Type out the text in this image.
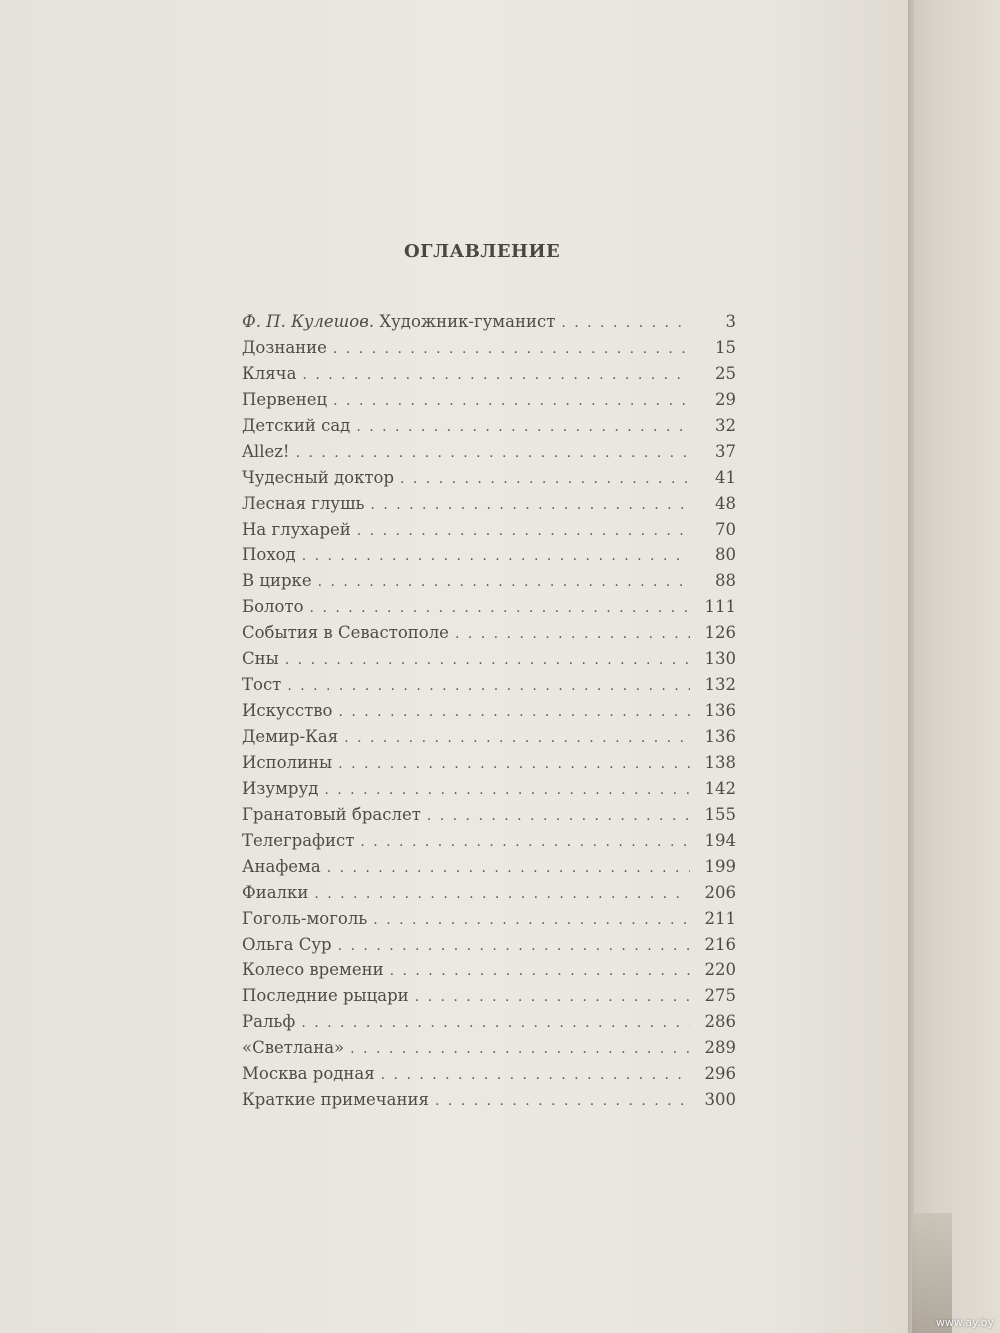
ОГЛАВЛЕНИЕ
Ф. П. Кулешов. Художник-гуманист . . .	3
Дознание . . .	15
Кляча . . .	25
Первенец . . .	29
Детский сад . . .	32
Allez! . . .	37
Чудесный доктор . . .	41
Лесная глушь . . .	48
На глухарей . . .	70
Поход . . .	80
В цирке . . .	88
Болото . . .	111
События в Севастополе . . .	126
Сны . . .	130
Тост . . .	132
Искусство . . .	136
Демир-Кая . . .	136
Исполины . . .	138
Изумруд . . .	142
Гранатовый браслет . . .	155
Телеграфист . . .	194
Анафема . . .	199
Фиалки . . .	206
Гоголь-моголь . . .	211
Ольга Сур . . .	216
Колесо времени . . .	220
Последние рыцари . . .	275
Ральф . . .	286
«Светлана» . . .	289
Москва родная . . .	296
Краткие примечания . . .	300
www.ay.by
